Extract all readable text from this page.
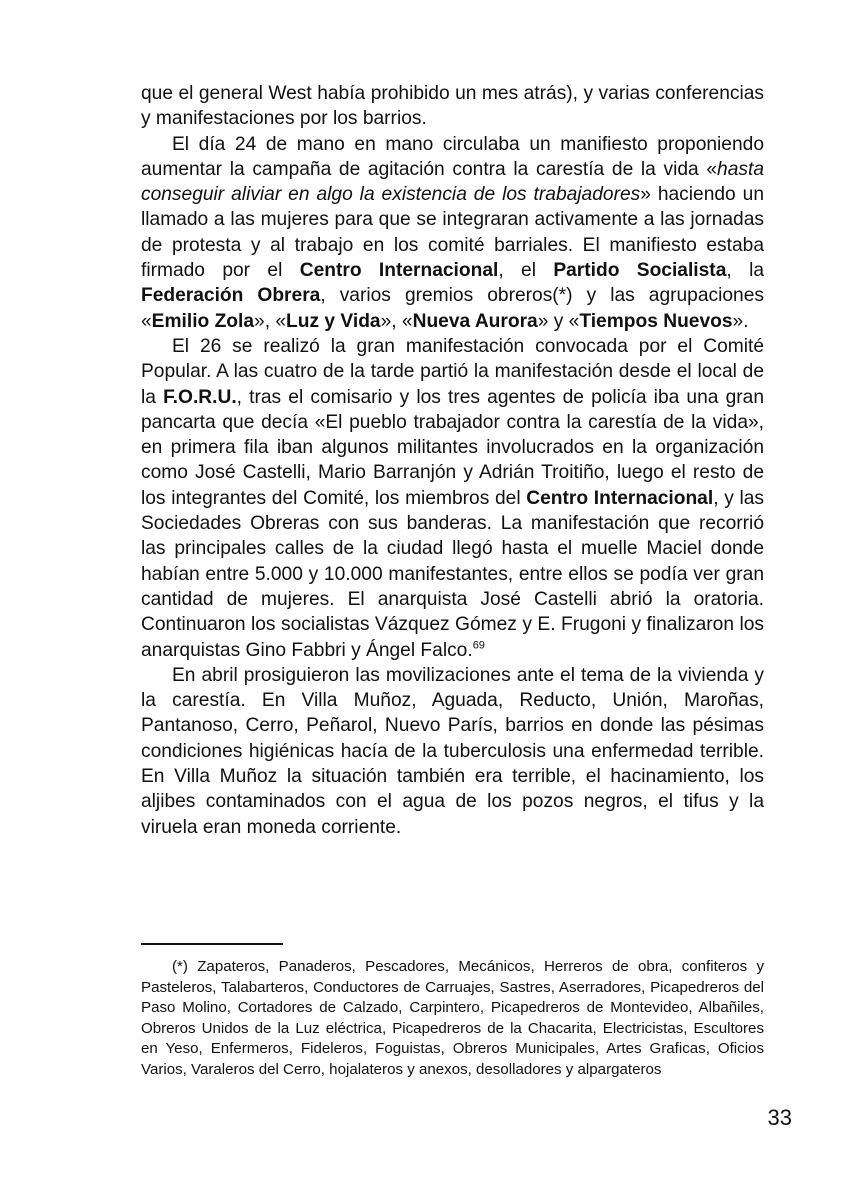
que el general West había prohibido un mes atrás), y varias conferencias y manifestaciones por los barrios.

El día 24 de mano en mano circulaba un manifiesto proponiendo aumentar la campaña de agitación contra la carestía de la vida «hasta conseguir aliviar en algo la existencia de los trabajadores» haciendo un llamado a las mujeres para que se integraran activamente a las jornadas de protesta y al trabajo en los comité barriales. El manifiesto estaba firmado por el Centro Internacional, el Partido Socialista, la Federación Obrera, varios gremios obreros(*) y las agrupaciones «Emilio Zola», «Luz y Vida», «Nueva Aurora» y «Tiempos Nuevos».

El 26 se realizó la gran manifestación convocada por el Comité Popular. A las cuatro de la tarde partió la manifestación desde el local de la F.O.R.U., tras el comisario y los tres agentes de policía iba una gran pancarta que decía «El pueblo trabajador contra la carestía de la vida», en primera fila iban algunos militantes involucrados en la organización como José Castelli, Mario Barranjón y Adrián Troitiño, luego el resto de los integrantes del Comité, los miembros del Centro Internacional, y las Sociedades Obreras con sus banderas. La manifestación que recorrió las principales calles de la ciudad llegó hasta el muelle Maciel donde habían entre 5.000 y 10.000 manifestantes, entre ellos se podía ver gran cantidad de mujeres. El anarquista José Castelli abrió la oratoria. Continuaron los socialistas Vázquez Gómez y E. Frugoni y finalizaron los anarquistas Gino Fabbri y Ángel Falco.$^{69}$

En abril prosiguieron las movilizaciones ante el tema de la vivienda y la carestía. En Villa Muñoz, Aguada, Reducto, Unión, Maroñas, Pantanoso, Cerro, Peñarol, Nuevo París, barrios en donde las pésimas condiciones higiénicas hacía de la tuberculosis una enfermedad terrible. En Villa Muñoz la situación también era terrible, el hacinamiento, los aljibes contaminados con el agua de los pozos negros, el tifus y la viruela eran moneda corriente.

(*) Zapateros, Panaderos, Pescadores, Mecánicos, Herreros de obra, confiteros y Pasteleros, Talabarteros, Conductores de Carruajes, Sastres, Aserradores, Picapedreros del Paso Molino, Cortadores de Calzado, Carpintero, Picapedreros de Montevideo, Albañiles, Obreros Unidos de la Luz eléctrica, Picapedreros de la Chacarita, Electricistas, Escultores en Yeso, Enfermeros, Fideleros, Foguistas, Obreros Municipales, Artes Graficas, Oficios Varios, Varaleros del Cerro, hojalateros y anexos, desolladores y alpargateros
33
